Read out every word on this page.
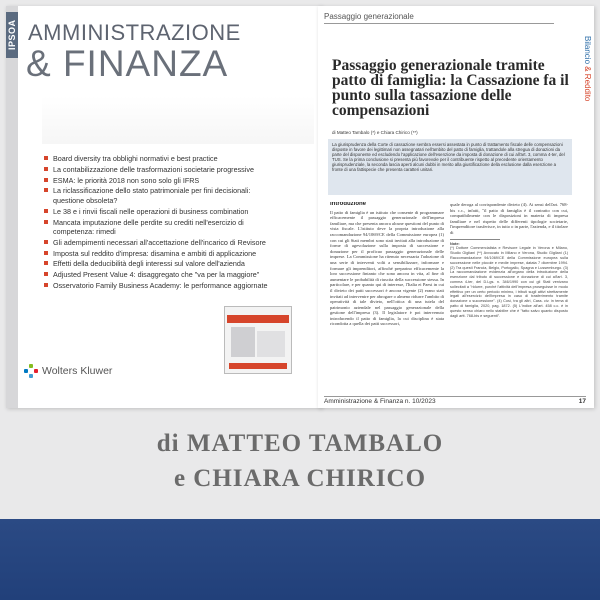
IPSOA AMMINISTRAZIONE
& FINANZA
Board diversity tra obblighi normativi e best practice
La contabilizzazione delle trasformazioni societarie progressive
ESMA: le priorità 2018 non sono solo gli IFRS
La riclassificazione dello stato patrimoniale per fini decisionali: questione obsoleta?
Le 38 e i rinvii fiscali nelle operazioni di business combination
Mancata imputazione delle perdite su crediti nell'esercizio di competenza: rimedi
Gli adempimenti necessari all'accettazione dell'incarico di Revisore
Imposta sul reddito d'impresa: disamina e ambiti di applicazione
Effetti della deducibilità degli interessi sul valore dell'azienda
Adjusted Present Value 4: disaggregato che "va per la maggiore"
Osservatorio Family Business Academy: le performance aggiornate
Wolters Kluwer
Passaggio generazionale
Bilancio & Reddito
Passaggio generazionale tramite patto di famiglia: la Cassazione fa il punto sulla tassazione delle compensazioni
di Matteo Tambalo (*) e Chiara Chirico (**)
La giurisprudenza della Corte di cassazione sembra essersi assestata in punto di trattamento fiscale delle compensazioni disposte in favore dei legittimari non assegnatari nell'ambito del patto di famiglia, trattandole alla stregua di donazioni da parte del disponente ed escludendo l'applicazione dell'esenzione da imposta di donazione di cui all'art. 3, comma 4-ter, del TUS. Se la prima conclusione si presenta più favorevole per il contribuente rispetto al precedente orientamento giurisprudenziale, la seconda lascia aperti alcuni dubbi in merito alla giustificazione della esclusione dalla esenzione a fronte di una fattispecie che presenta caratteri unitari.
Introduzione

Il patto di famiglia è un istituto che consente di programmare efficacemente il passaggio generazionale dell'impresa familiare, ma che presenta ancora alcune questioni del punto di vista fiscale. L'istituto deve la propria introduzione alla raccomandazione 94/1069/CE della Commissione europea (1) con cui gli Stati membri sono stati invitati alla introduzione di forme di agevolazione sulla imposta di successione e donazione per il proficuo passaggio generazionale delle imprese. La Commissione ha ritenuto necessaria l'adozione di una serie di interventi volti a sensibilizzare, informare e formare gli imprenditori, affinché preparino efficacemente la loro successione fintanto che sono ancora in vita, al fine di aumentare le probabilità di riuscita della successione stessa. In particolare, e per quanto qui di interesse, l'Italia ei Paesi in cui il divieto dei patti successori è ancora vigente (2) erano stati invitati ad intervenire per abrogare o almeno ridurre l'ambito di operatività di tale divieto, nell'ottica di una tutela del patrimonio aziendale nel passaggio generazionale della gestione dell'impresa (3). Il legislatore è poi intervenuto introducendo il patto di famiglia, la cui disciplina è stata ricondotta a quella dei patti successori,

quale deroga al corrispondente divieto (4). Ai sensi dell'art. 768-bis c.c., infatti, "il patto di famiglia è il contratto con cui, compatibilmente con le disposizioni in materia di impresa familiare e nel rispetto delle differenti tipologie societarie, l'imprenditore trasferisce, in tutto o in parte, l'azienda, e il titolare di

Note:
(*) Dottore Commercialista e Revisore Legale in Verona e Milano, Studio Gigliani (**) Avvocato in Milano e Verona, Studio Gigliani (1) Raccomandazione 94/1069/CE della Commissione europea sulla successione nelle piccole e medie imprese, datata 7 dicembre 1994. (2) Tra questi Francia, Belgio, Portogallo, Spagna e Lussemburgo. (3) La raccomandazione evidenzia all'organo della introduzione della esenzione dal tributo di successione e donazione di cui all'art. 3, comma 4-ter, del D.Lgs. n. 346/1990 con cui gli Stati venivano sollecitati a "ridurre, purché l'attività dell'impresa proseguisse in modo effettivo per un certo periodo minimo, i tributi sugli attivi strettamente legati all'esercizio dell'impresa in caso di trasferimento tramite donazione o successione". (4) Così, tra gli altri, Cass. civ. in tema di patto di famiglia, 2020, pag. 1872. (5) L'indice all'art. 458 c.c. è in questo senso chiaro nello stabilire che è "fatto salvo quanto disposto dagli artt. 768-bis e seguenti".
Amministrazione & Finanza n. 10/2023	17
di MATTEO TAMBALO
e CHIARA CHIRICO
